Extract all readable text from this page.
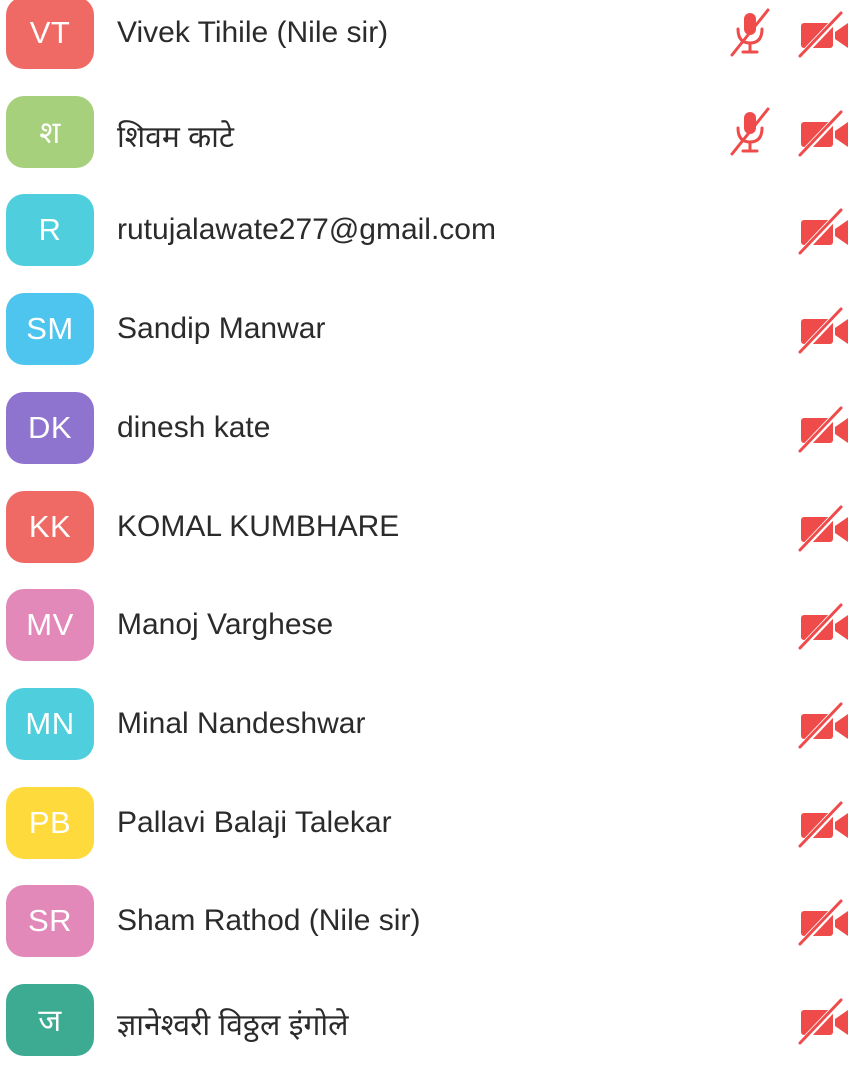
VT	Vivek Tihile (Nile sir)
श	शिवम काटे
R	rutujalawate277@gmail.com
SM	Sandip Manwar
DK	dinesh kate
KK	KOMAL KUMBHARE
MV	Manoj Varghese
MN	Minal Nandeshwar
PB	Pallavi Balaji Talekar
SR	Sham Rathod (Nile sir)
ज	ज्ञानेश्वरी विठ्ठल इंगोले
